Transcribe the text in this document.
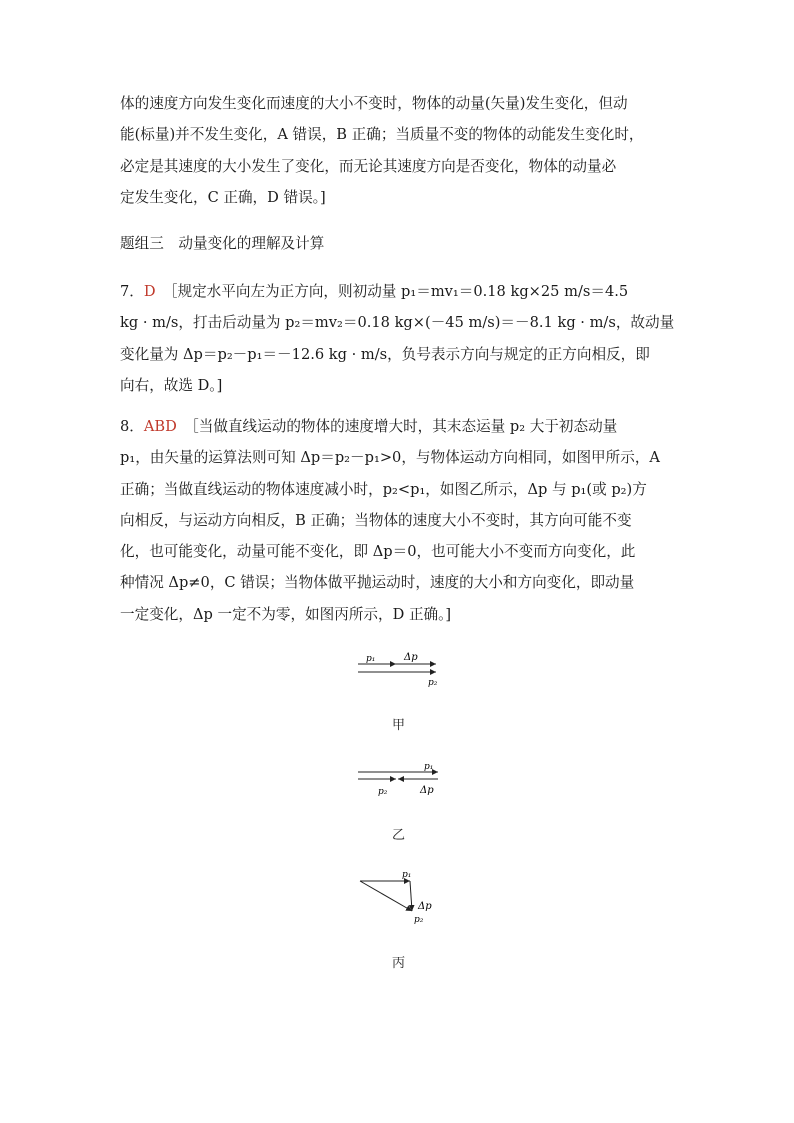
体的速度方向发生变化而速度的大小不变时，物体的动量(矢量)发生变化，但动
能(标量)并不发生变化，A 错误，B 正确；当质量不变的物体的动能发生变化时，
必定是其速度的大小发生了变化，而无论其速度方向是否变化，物体的动量必
定发生变化，C 正确，D 错误。]
题组三　动量变化的理解及计算
7．D  ［规定水平向左为正方向，则初动量 p₁＝mv₁＝0.18 kg×25 m/s＝4.5
kg · m/s，打击后动量为 p₂＝mv₂＝0.18 kg×(－45 m/s)＝－8.1 kg · m/s，故动量
变化量为 Δp＝p₂－p₁＝－12.6 kg · m/s，负号表示方向与规定的正方向相反，即
向右，故选 D。]
8．ABD  ［当做直线运动的物体的速度增大时，其末态运量 p₂ 大于初态动量
p₁，由矢量的运算法则可知 Δp＝p₂－p₁>0，与物体运动方向相同，如图甲所示，A
正确；当做直线运动的物体速度减小时，p₂<p₁，如图乙所示，Δp 与 p₁(或 p₂)方
向相反，与运动方向相反，B 正确；当物体的速度大小不变时，其方向可能不变
化，也可能变化，动量可能不变化，即 Δp＝0，也可能大小不变而方向变化，此
种情况 Δp≠0，C 错误；当物体做平抛运动时，速度的大小和方向变化，即动量
一定变化，Δp 一定不为零，如图丙所示，D 正确。]
p₁	Δp
p₂
甲
p₁
p₂	Δp
乙
p₁
Δp
p₂
丙
